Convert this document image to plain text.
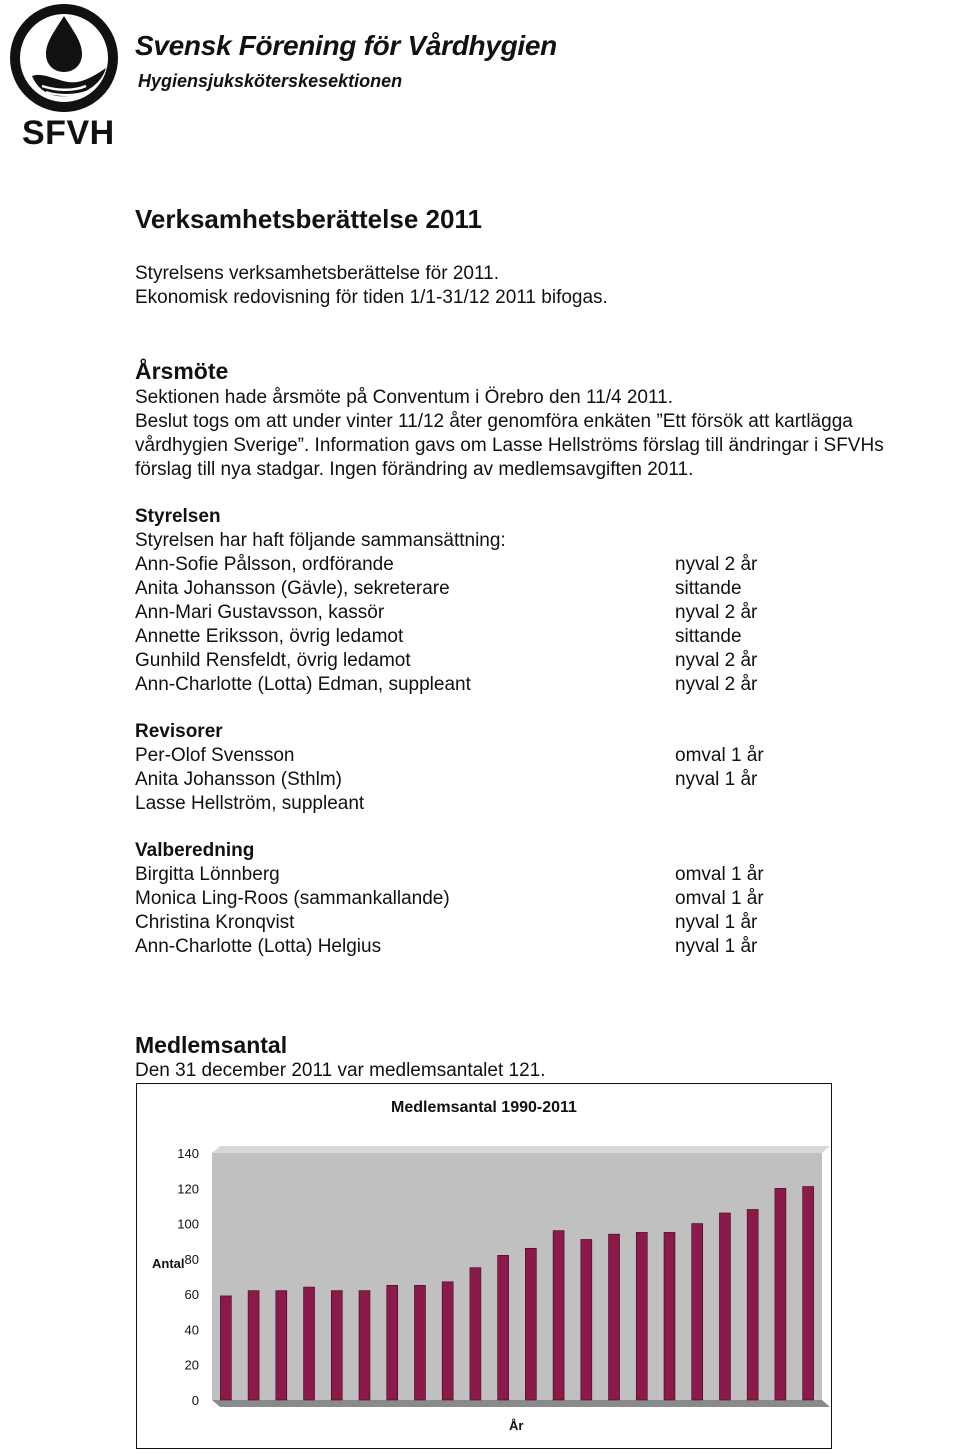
Svensk Förening för Vårdhygien
Hygiensjuksköterskesektionen
SFVH
Verksamhetsberättelse 2011
Styrelsens verksamhetsberättelse för 2011.
Ekonomisk redovisning för tiden 1/1-31/12 2011 bifogas.
Årsmöte
Sektionen hade årsmöte på Conventum i Örebro den 11/4 2011.
Beslut togs om att under vinter 11/12 åter genomföra enkäten ”Ett försök att kartlägga
vårdhygien Sverige”. Information gavs om Lasse Hellströms förslag till ändringar i SFVHs
förslag till nya stadgar. Ingen förändring av medlemsavgiften 2011.
Styrelsen
Styrelsen har haft följande sammansättning:
Ann-Sofie Pålsson, ordförande	nyval 2 år
Anita Johansson (Gävle), sekreterare	sittande
Ann-Mari Gustavsson, kassör	nyval 2 år
Annette Eriksson, övrig ledamot	sittande
Gunhild Rensfeldt, övrig ledamot	nyval 2 år
Ann-Charlotte (Lotta) Edman, suppleant	nyval 2 år
Revisorer
Per-Olof Svensson	omval 1 år
Anita Johansson (Sthlm)	nyval 1 år
Lasse Hellström, suppleant
Valberedning
Birgitta Lönnberg	omval 1 år
Monica Ling-Roos (sammankallande)	omval 1 år
Christina Kronqvist	nyval 1 år
Ann-Charlotte (Lotta) Helgius	nyval 1 år
Medlemsantal
Den 31 december 2011 var medlemsantalet 121.
Medlemsantal 1990-2011
0
20
40
60
80
100
120
140
Antal
År
